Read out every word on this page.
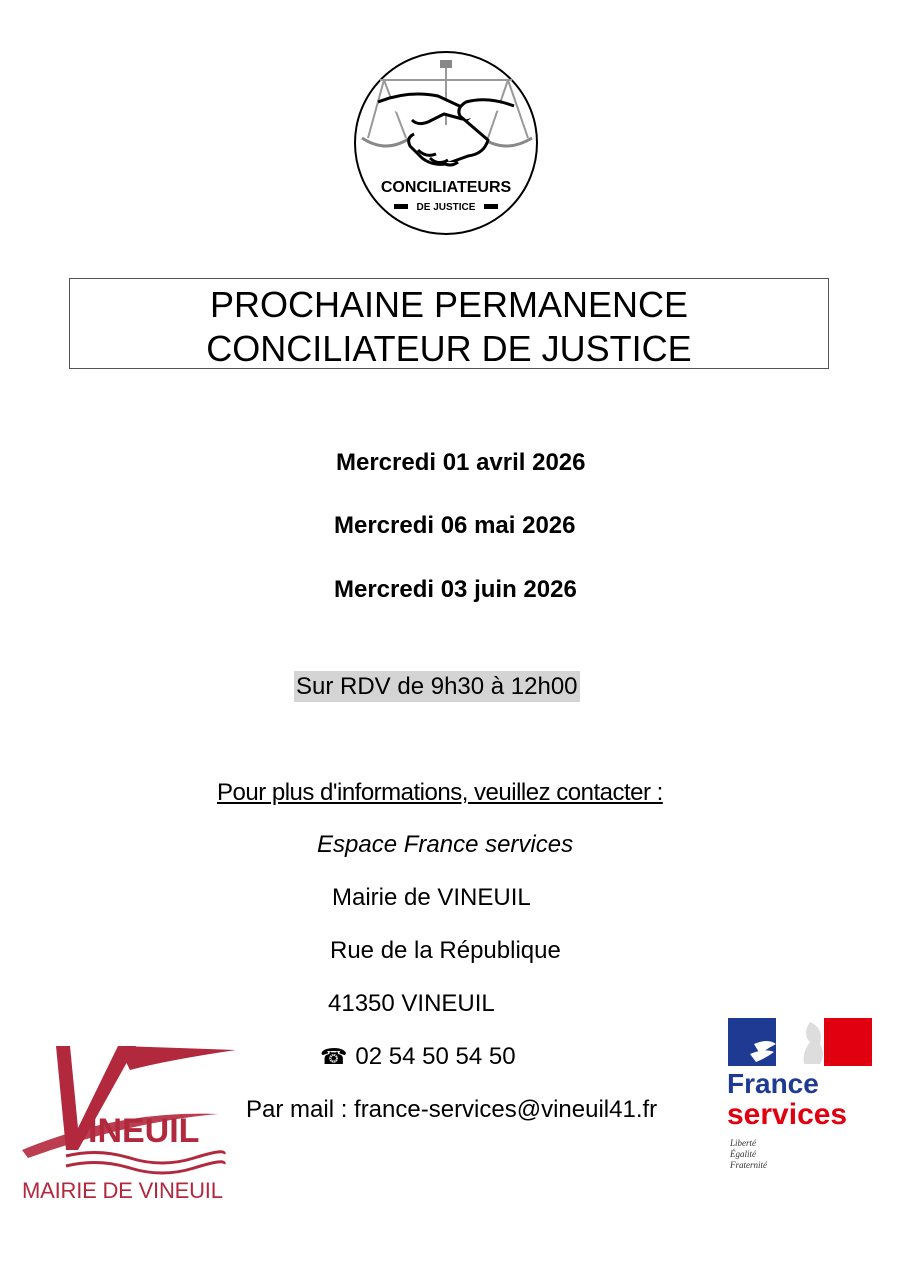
CONCILIATEURS
DE JUSTICE
PROCHAINE PERMANENCE
CONCILIATEUR DE JUSTICE
Mercredi 01 avril 2026
Mercredi 06 mai 2026
Mercredi 03 juin 2026
Sur RDV de 9h30 à 12h00
Pour plus d'informations, veuillez contacter :
Espace France services
Mairie de VINEUIL
Rue de la République
41350 VINEUIL
☎ 02 54 50 54 50
Par mail : france-services@vineuil41.fr
INEUIL
MAIRIE DE VINEUIL
France
services
Liberté
Égalité
Fraternité
